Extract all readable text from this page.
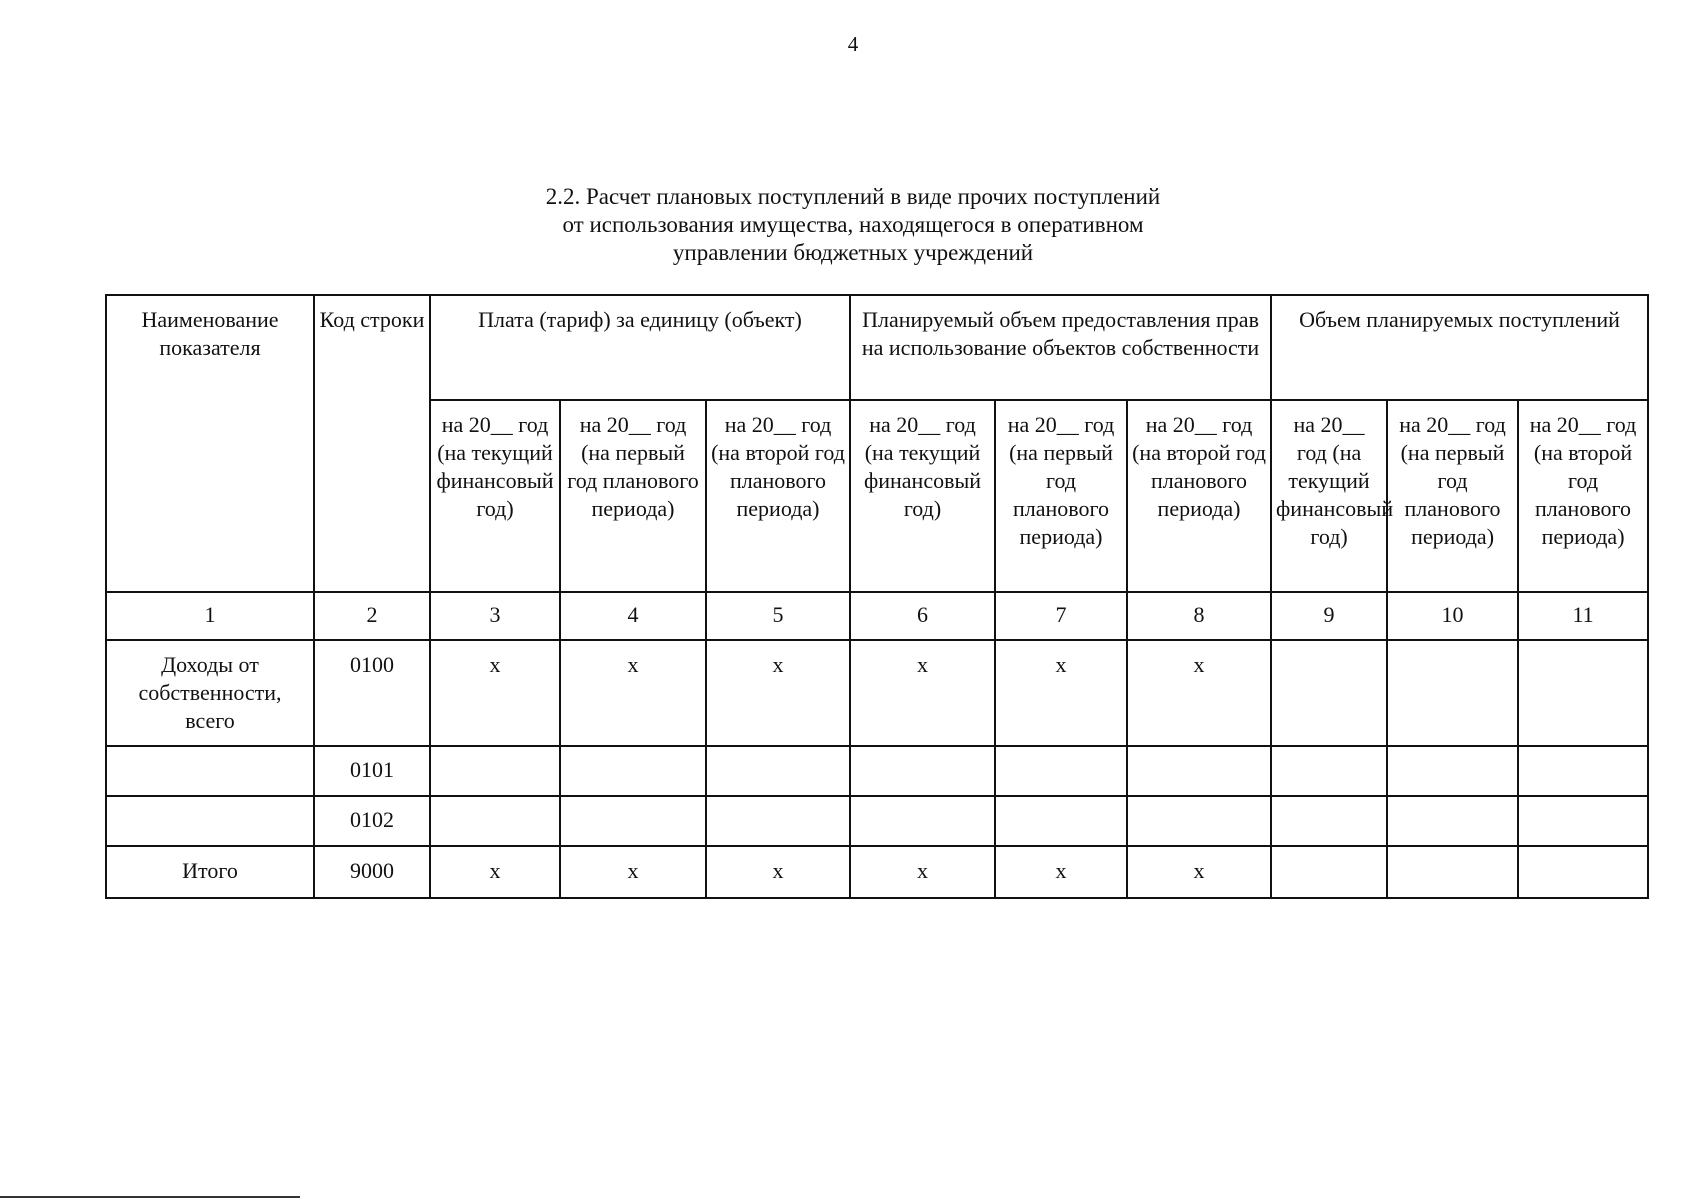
4
2.2. Расчет плановых поступлений в виде прочих поступлений
от использования имущества, находящегося в оперативном
управлении бюджетных учреждений
Наименование показателя	Код строки	Плата (тариф) за единицу (объект)			Планируемый объем предоставления прав на использование объектов собственности			Объем планируемых поступлений		
		на 20__ год (на текущий финансовый год)	на 20__ год (на первый год планового периода)	на 20__ год (на второй год планового периода)	на 20__ год (на текущий финансовый год)	на 20__ год (на первый год планового периода)	на 20__ год (на второй год планового периода)	на 20__ год (на текущий финансовый год)	на 20__ год (на первый год планового периода)	на 20__ год (на второй год планового периода)
1	2	3	4	5	6	7	8	9	10	11
Доходы от собственности, всего	0100	x	x	x	x	x	x			
	0101									
	0102									
Итого	9000	x	x	x	x	x	x			
